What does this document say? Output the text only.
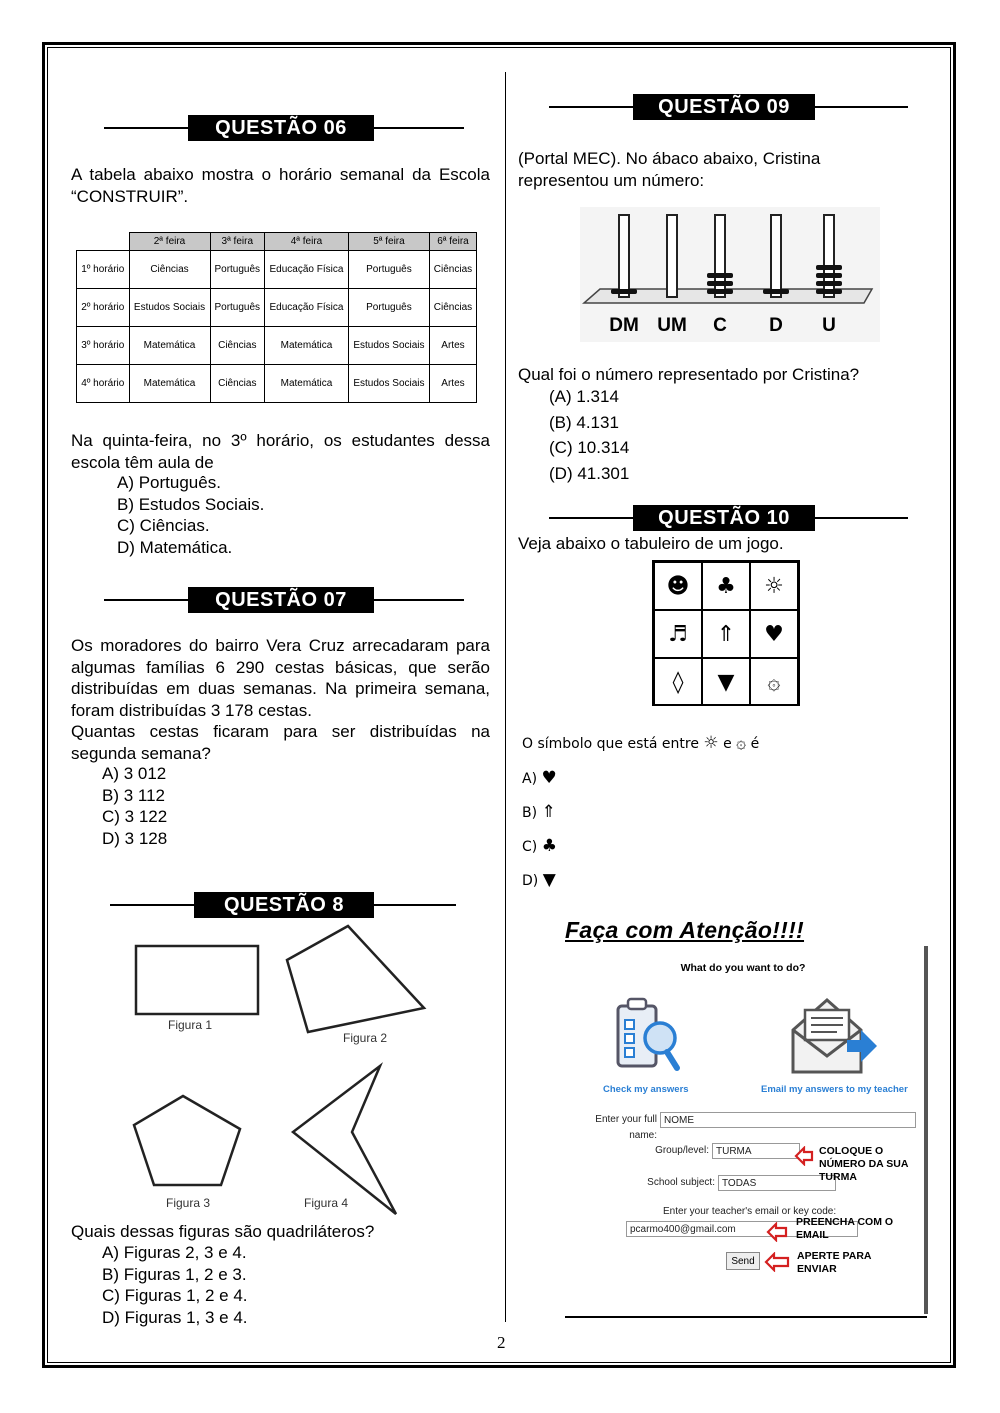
QUESTÃO 06
A tabela abaixo mostra o horário semanal da Escola “CONSTRUIR”.
	2ª feira	3ª feira	4ª feira	5ª feira	6ª feira
1º horário	Ciências	Português	Educação Física	Português	Ciências
2º horário	Estudos Sociais	Português	Educação Física	Português	Ciências
3º horário	Matemática	Ciências	Matemática	Estudos Sociais	Artes
4º horário	Matemática	Ciências	Matemática	Estudos Sociais	Artes
Na quinta-feira, no 3º horário, os estudantes dessa escola têm aula de
A) Português.
B) Estudos Sociais.
C) Ciências.
D) Matemática.
QUESTÃO 07
Os moradores do bairro Vera Cruz arrecadaram para algumas famílias 6 290 cestas básicas, que serão distribuídas em duas semanas. Na primeira semana, foram distribuídas 3 178 cestas.
Quantas cestas ficaram para ser distribuídas na segunda semana?
A) 3 012
B) 3 112
C) 3 122
D) 3 128
QUESTÃO 8
Figura 1
Figura 2
Figura 3	Figura 4
Quais dessas figuras são quadriláteros?
A) Figuras 2, 3 e 4.
B) Figuras 1, 2 e 3.
C) Figuras 1, 2 e 4.
D) Figuras 1, 3 e 4.
QUESTÃO 09
(Portal MEC). No ábaco abaixo, Cristina representou um número:
DM UM C D U
Qual foi o número representado por Cristina?
(A) 1.314
(B) 4.131
(C) 10.314
(D) 41.301
QUESTÃO 10
Veja abaixo o tabuleiro de um jogo.
☻	♣	☼
♬	⇑	♥
◊	▼	۞
O símbolo que está entre ☼ e ۞ é
A) ♥
B) ⇑
C) ♣
D) ▼
Faça com Atenção!!!!
What do you want to do?
Check my answers	Email my answers to my teacher
Enter your full name:
NOME
Group/level: TURMA
School subject: TODAS
Enter your teacher's email or key code:
pcarmo400@gmail.com
Send
COLOQUE O NÚMERO DA SUA TURMA
PREENCHA COM O EMAIL
APERTE PARA ENVIAR
2
